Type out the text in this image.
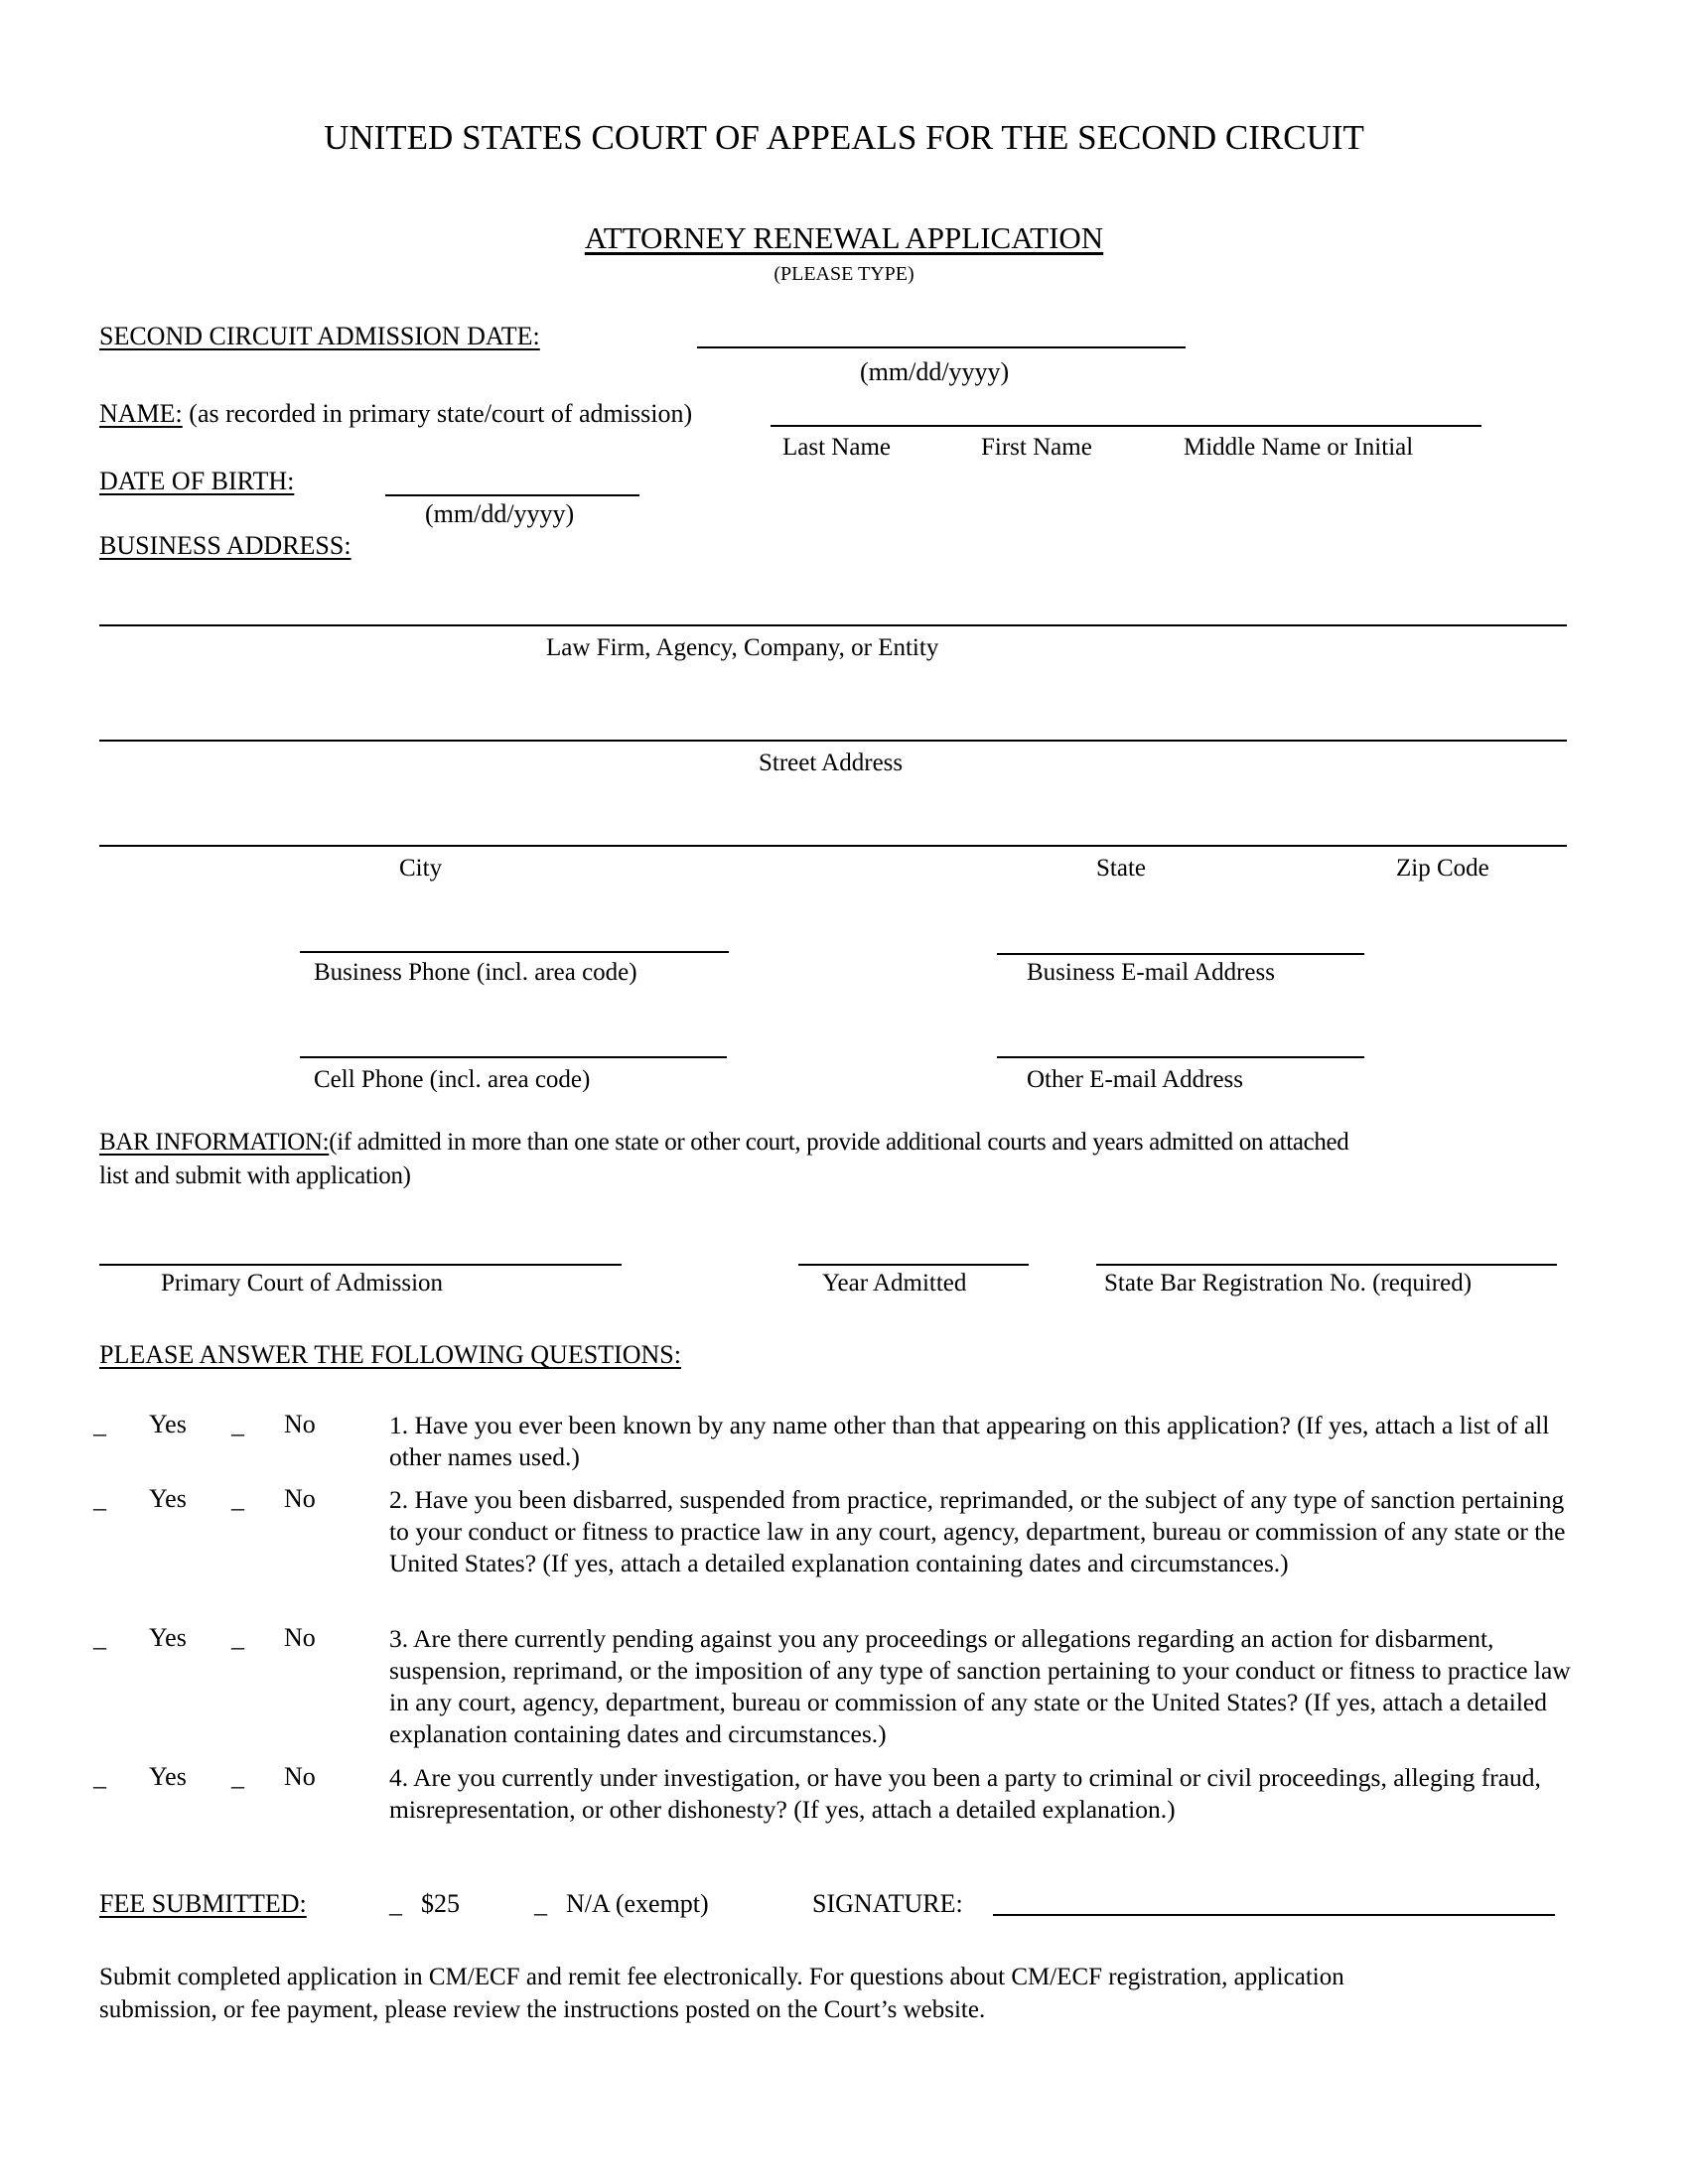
UNITED STATES COURT OF APPEALS FOR THE SECOND CIRCUIT
ATTORNEY RENEWAL APPLICATION
(PLEASE TYPE)
SECOND CIRCUIT ADMISSION DATE:
(mm/dd/yyyy)
NAME: (as recorded in primary state/court of admission)
Last Name	First Name	Middle Name or Initial
DATE OF BIRTH:
(mm/dd/yyyy)
BUSINESS ADDRESS:
Law Firm, Agency, Company, or Entity
Street Address
City	State	Zip Code
Business Phone (incl. area code)	Business E-mail Address
Cell Phone (incl. area code)	Other E-mail Address
BAR INFORMATION:(if admitted in more than one state or other court, provide additional courts and years admitted on attached
list and submit with application)
Primary Court of Admission	Year Admitted	State Bar Registration No. (required)
PLEASE ANSWER THE FOLLOWING QUESTIONS:
_ Yes _ No	1. Have you ever been known by any name other than that appearing on this application? (If yes, attach a list of all other names used.)
_ Yes _ No	2. Have you been disbarred, suspended from practice, reprimanded, or the subject of any type of sanction pertaining to your conduct or fitness to practice law in any court, agency, department, bureau or commission of any state or the United States? (If yes, attach a detailed explanation containing dates and circumstances.)
_ Yes _ No	3. Are there currently pending against you any proceedings or allegations regarding an action for disbarment, suspension, reprimand, or the imposition of any type of sanction pertaining to your conduct or fitness to practice law in any court, agency, department, bureau or commission of any state or the United States? (If yes, attach a detailed explanation containing dates and circumstances.)
_ Yes _ No	4. Are you currently under investigation, or have you been a party to criminal or civil proceedings, alleging fraud, misrepresentation, or other dishonesty? (If yes, attach a detailed explanation.)
FEE SUBMITTED:	_ $25	_ N/A (exempt)	SIGNATURE:
Submit completed application in CM/ECF and remit fee electronically. For questions about CM/ECF registration, application
submission, or fee payment, please review the instructions posted on the Court’s website.
